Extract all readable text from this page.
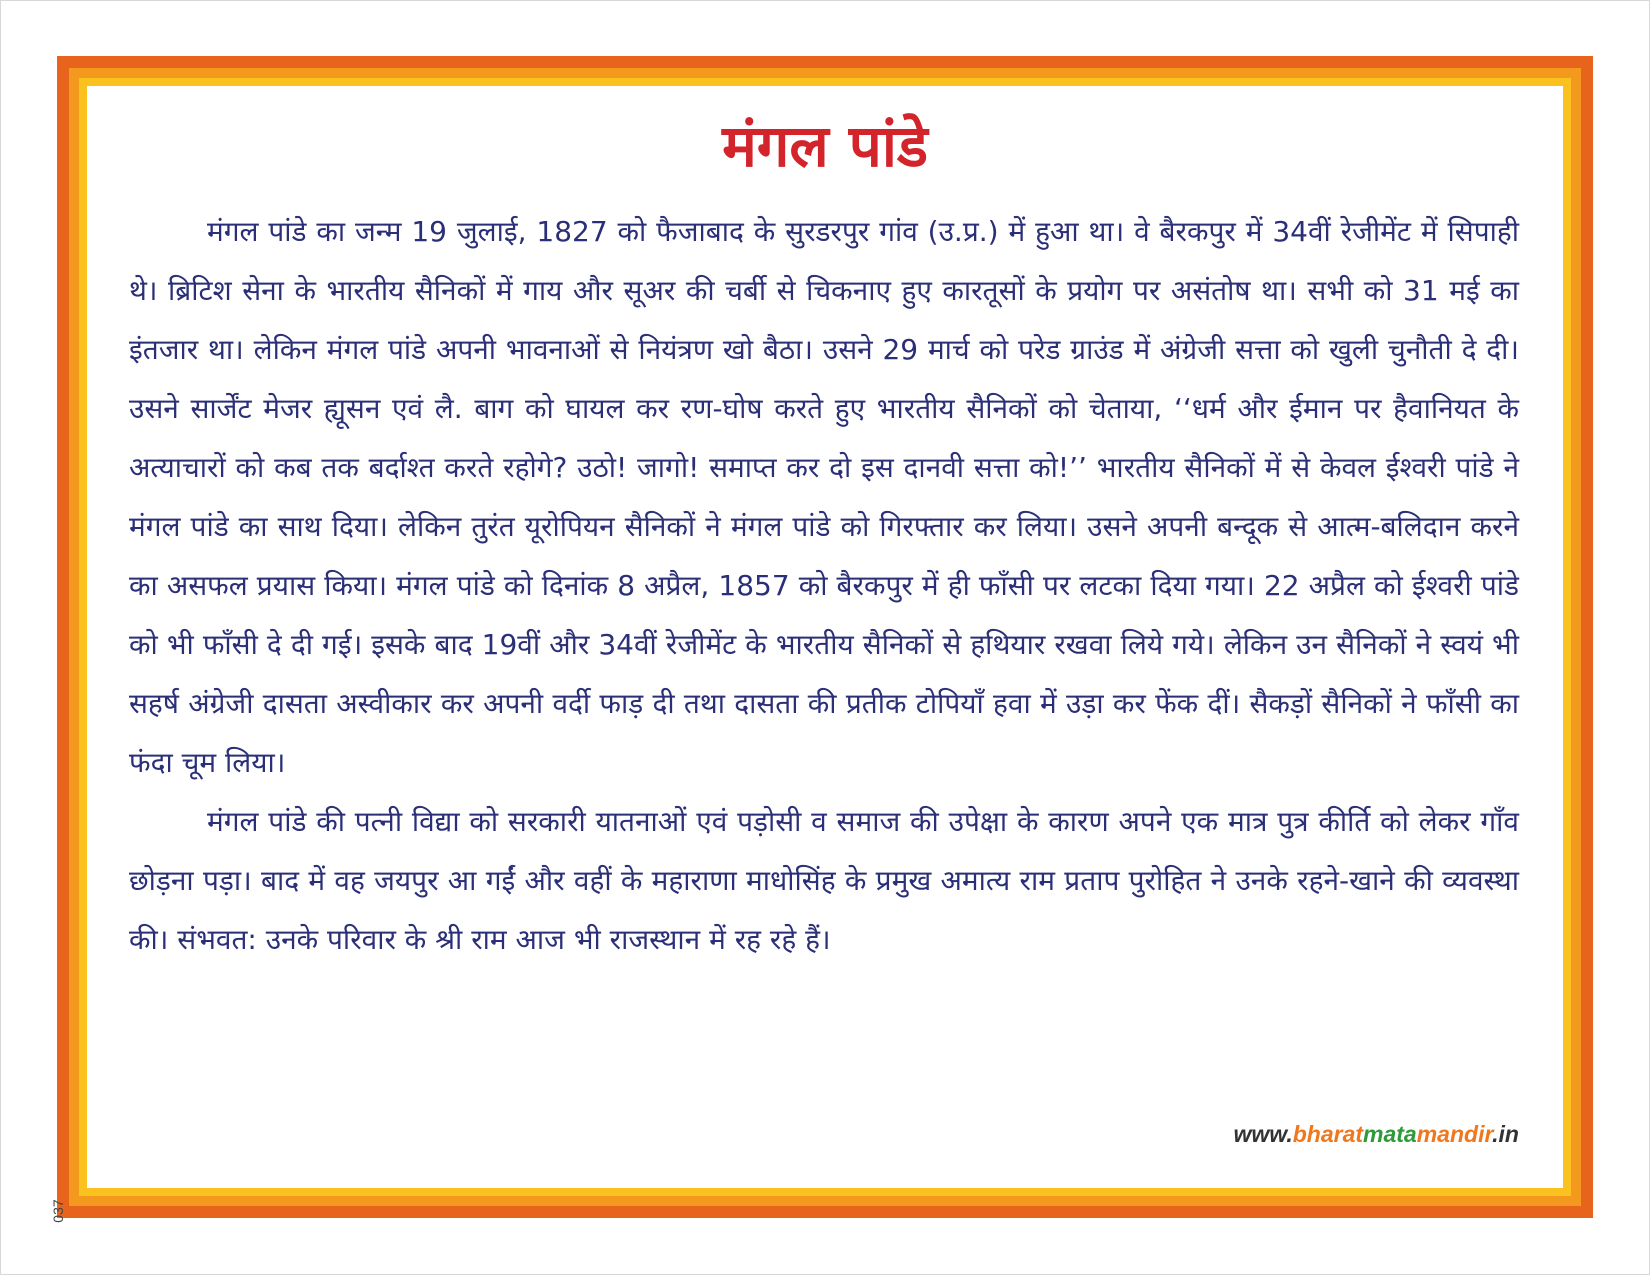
मंगल पांडे

मंगल पांडे का जन्म 19 जुलाई, 1827 को फैजाबाद के सुरडरपुर गांव (उ.प्र.) में हुआ था। वे बैरकपुर में 34वीं रेजीमेंट में सिपाही थे। ब्रिटिश सेना के भारतीय सैनिकों में गाय और सूअर की चर्बी से चिकनाए हुए कारतूसों के प्रयोग पर असंतोष था। सभी को 31 मई का इंतजार था। लेकिन मंगल पांडे अपनी भावनाओं से नियंत्रण खो बैठा। उसने 29 मार्च को परेड ग्राउंड में अंग्रेजी सत्ता को खुली चुनौती दे दी। उसने सार्जेंट मेजर ह्यूसन एवं लै. बाग को घायल कर रण-घोष करते हुए भारतीय सैनिकों को चेताया, ‘‘धर्म और ईमान पर हैवानियत के अत्याचारों को कब तक बर्दाश्त करते रहोगे? उठो! जागो! समाप्त कर दो इस दानवी सत्ता को!’’ भारतीय सैनिकों में से केवल ईश्वरी पांडे ने मंगल पांडे का साथ दिया। लेकिन तुरंत यूरोपियन सैनिकों ने मंगल पांडे को गिरफ्तार कर लिया। उसने अपनी बन्दूक से आत्म-बलिदान करने का असफल प्रयास किया। मंगल पांडे को दिनांक 8 अप्रैल, 1857 को बैरकपुर में ही फाँसी पर लटका दिया गया। 22 अप्रैल को ईश्वरी पांडे को भी फाँसी दे दी गई। इसके बाद 19वीं और 34वीं रेजीमेंट के भारतीय सैनिकों से हथियार रखवा लिये गये। लेकिन उन सैनिकों ने स्वयं भी सहर्ष अंग्रेजी दासता अस्वीकार कर अपनी वर्दी फाड़ दी तथा दासता की प्रतीक टोपियाँ हवा में उड़ा कर फेंक दीं। सैकड़ों सैनिकों ने फाँसी का फंदा चूम लिया।

मंगल पांडे की पत्नी विद्या को सरकारी यातनाओं एवं पड़ोसी व समाज की उपेक्षा के कारण अपने एक मात्र पुत्र कीर्ति को लेकर गाँव छोड़ना पड़ा। बाद में वह जयपुर आ गईं और वहीं के महाराणा माधोसिंह के प्रमुख अमात्य राम प्रताप पुरोहित ने उनके रहने-खाने की व्यवस्था की। संभवत: उनके परिवार के श्री राम आज भी राजस्थान में रह रहे हैं।

www.bharatmatamandir.in
037
